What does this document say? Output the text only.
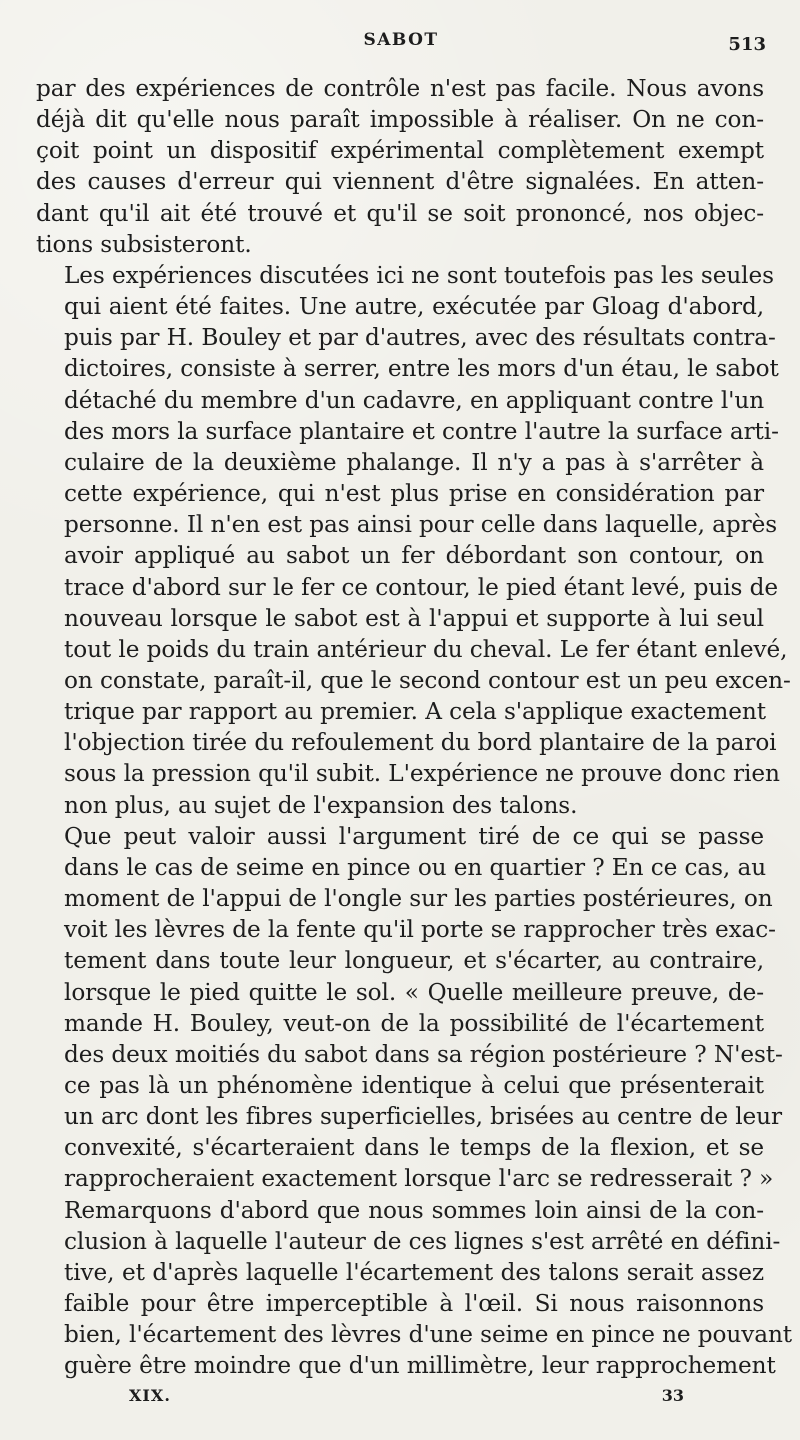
SABOT	513

par des expériences de contrôle n'est pas facile. Nous avons
déjà dit qu'elle nous paraît impossible à réaliser. On ne con-
çoit point un dispositif expérimental complètement exempt
des causes d'erreur qui viennent d'être signalées. En atten-
dant qu'il ait été trouvé et qu'il se soit prononcé, nos objec-
tions subsisteront.

Les expériences discutées ici ne sont toutefois pas les seules
qui aient été faites. Une autre, exécutée par Gloag d'abord,
puis par H. Bouley et par d'autres, avec des résultats contra-
dictoires, consiste à serrer, entre les mors d'un étau, le sabot
détaché du membre d'un cadavre, en appliquant contre l'un
des mors la surface plantaire et contre l'autre la surface arti-
culaire de la deuxième phalange. Il n'y a pas à s'arrêter à
cette expérience, qui n'est plus prise en considération par
personne. Il n'en est pas ainsi pour celle dans laquelle, après
avoir appliqué au sabot un fer débordant son contour, on
trace d'abord sur le fer ce contour, le pied étant levé, puis de
nouveau lorsque le sabot est à l'appui et supporte à lui seul
tout le poids du train antérieur du cheval. Le fer étant enlevé,
on constate, paraît-il, que le second contour est un peu excen-
trique par rapport au premier. A cela s'applique exactement
l'objection tirée du refoulement du bord plantaire de la paroi
sous la pression qu'il subit. L'expérience ne prouve donc rien
non plus, au sujet de l'expansion des talons.

Que peut valoir aussi l'argument tiré de ce qui se passe
dans le cas de seime en pince ou en quartier ? En ce cas, au
moment de l'appui de l'ongle sur les parties postérieures, on
voit les lèvres de la fente qu'il porte se rapprocher très exac-
tement dans toute leur longueur, et s'écarter, au contraire,
lorsque le pied quitte le sol. « Quelle meilleure preuve, de-
mande H. Bouley, veut-on de la possibilité de l'écartement
des deux moitiés du sabot dans sa région postérieure ? N'est-
ce pas là un phénomène identique à celui que présenterait
un arc dont les fibres superficielles, brisées au centre de leur
convexité, s'écarteraient dans le temps de la flexion, et se
rapprocheraient exactement lorsque l'arc se redresserait ? »

Remarquons d'abord que nous sommes loin ainsi de la con-
clusion à laquelle l'auteur de ces lignes s'est arrêté en défini-
tive, et d'après laquelle l'écartement des talons serait assez
faible pour être imperceptible à l'œil. Si nous raisonnons
bien, l'écartement des lèvres d'une seime en pince ne pouvant
guère être moindre que d'un millimètre, leur rapprochement

XIX.	33
